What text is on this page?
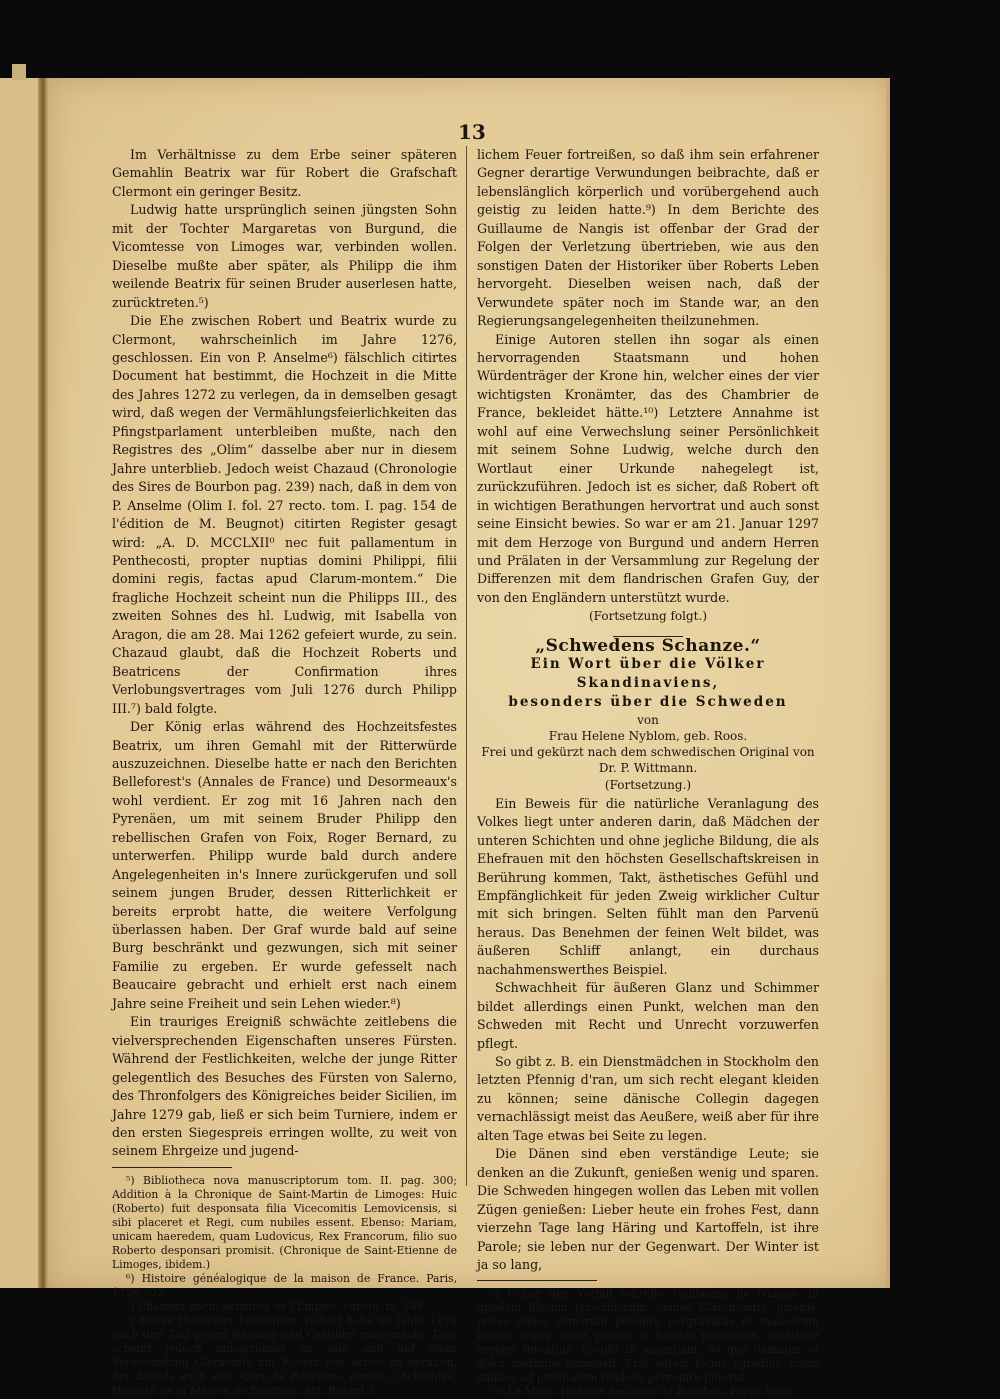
13

Im Verhältnisse zu dem Erbe seiner späteren Gemahlin Beatrix war für Robert die Grafschaft Clermont ein geringer Besitz.

Ludwig hatte ursprünglich seinen jüngsten Sohn mit der Tochter Margaretas von Burgund, die Vicomtesse von Limoges war, verbinden wollen. Dieselbe mußte aber später, als Philipp die ihm weilende Beatrix für seinen Bruder auserlesen hatte, zurücktreten.⁵)

Die Ehe zwischen Robert und Beatrix wurde zu Clermont, wahrscheinlich im Jahre 1276, geschlossen. Ein von P. Anselme⁶) fälschlich citirtes Document hat bestimmt, die Hochzeit in die Mitte des Jahres 1272 zu verlegen, da in demselben gesagt wird, daß wegen der Vermählungsfeierlichkeiten das Pfingstparlament unterbleiben mußte, nach den Registres des „Olim“ dasselbe aber nur in diesem Jahre unterblieb. Jedoch weist Chazaud (Chronologie des Sires de Bourbon pag. 239) nach, daß in dem von P. Anselme (Olim I. fol. 27 recto. tom. I. pag. 154 de l'édition de M. Beugnot) citirten Register gesagt wird: „A. D. MCCLXII⁰ nec fuit pallamentum in Penthecosti, propter nuptias domini Philippi, filii domini regis, factas apud Clarum-montem.“ Die fragliche Hochzeit scheint nun die Philipps III., des zweiten Sohnes des hl. Ludwig, mit Isabella von Aragon, die am 28. Mai 1262 gefeiert wurde, zu sein. Chazaud glaubt, daß die Hochzeit Roberts und Beatricens der Confirmation ihres Verlobungsvertrages vom Juli 1276 durch Philipp III.⁷) bald folgte.

Der König erlas während des Hochzeitsfestes Beatrix, um ihren Gemahl mit der Ritterwürde auszuzeichnen. Dieselbe hatte er nach den Berichten Belleforest's (Annales de France) und Desormeaux's wohl verdient. Er zog mit 16 Jahren nach den Pyrenäen, um mit seinem Bruder Philipp den rebellischen Grafen von Foix, Roger Bernard, zu unterwerfen. Philipp wurde bald durch andere Angelegenheiten in's Innere zurückgerufen und soll seinem jungen Bruder, dessen Ritterlichkeit er bereits erprobt hatte, die weitere Verfolgung überlassen haben. Der Graf wurde bald auf seine Burg beschränkt und gezwungen, sich mit seiner Familie zu ergeben. Er wurde gefesselt nach Beaucaire gebracht und erhielt erst nach einem Jahre seine Freiheit und sein Lehen wieder.⁸)

Ein trauriges Ereigniß schwächte zeitlebens die vielversprechenden Eigenschaften unseres Fürsten. Während der Festlichkeiten, welche der junge Ritter gelegentlich des Besuches des Fürsten von Salerno, des Thronfolgers des Königreiches beider Sicilien, im Jahre 1279 gab, ließ er sich beim Turniere, indem er den ersten Siegespreis erringen wollte, zu weit von seinem Ehrgeize und jugend-

⁵) Bibliotheca nova manuscriptorum tom. II. pag. 300; Addition à la Chronique de Saint-Martin de Limoges: Huic (Roberto) fuit desponsata filia Vicecomitis Lemovicensis, si sibi placeret et Regi, cum nubiles essent. Ebenso: Mariam, unicam haeredem, quam Ludovicus, Rex Francorum, filio suo Roberto desponsari promisit. (Chronique de Saint-Etienne de Limoges, ibidem.)

⁶) Histoire généalogique de la maison de France. Paris, 1726—33.

⁷) Chazaud nach: Archives de l'Empire. carton. m. 348.

⁸) Einige Historiker behaupten, Robert habe im Jahre 1276 auch den Zug gegen Navarra und Castilien mitgemacht. Dies scheint jedoch unbegründet zu sein und auf einer Verwechslung Clermonts mit Robert von Artois zu beruhen, der damals auch sich »Sire de Bourbon« nannte. (Achaintre, Histoire de la Maison de Bourbon. Art. Robert.)

lichem Feuer fortreißen, so daß ihm sein erfahrener Gegner derartige Verwundungen beibrachte, daß er lebenslänglich körperlich und vorübergehend auch geistig zu leiden hatte.⁹) In dem Berichte des Guillaume de Nangis ist offenbar der Grad der Folgen der Verletzung übertrieben, wie aus den sonstigen Daten der Historiker über Roberts Leben hervorgeht. Dieselben weisen nach, daß der Verwundete später noch im Stande war, an den Regierungsangelegenheiten theilzunehmen.

Einige Autoren stellen ihn sogar als einen hervorragenden Staatsmann und hohen Würdenträger der Krone hin, welcher eines der vier wichtigsten Kronämter, das des Chambrier de France, bekleidet hätte.¹⁰) Letztere Annahme ist wohl auf eine Verwechslung seiner Persönlichkeit mit seinem Sohne Ludwig, welche durch den Wortlaut einer Urkunde nahegelegt ist, zurückzuführen. Jedoch ist es sicher, daß Robert oft in wichtigen Berathungen hervortrat und auch sonst seine Einsicht bewies. So war er am 21. Januar 1297 mit dem Herzoge von Burgund und andern Herren und Prälaten in der Versammlung zur Regelung der Differenzen mit dem flandrischen Grafen Guy, der von den Engländern unterstützt wurde.

(Fortsetzung folgt.)

„Schwedens Schanze.“

Ein Wort über die Völker Skandinaviens,

besonders über die Schweden

von

Frau Helene Nyblom, geb. Roos.

Frei und gekürzt nach dem schwedischen Original von

Dr. P. Wittmann.

(Fortsetzung.)

Ein Beweis für die natürliche Veranlagung des Volkes liegt unter anderen darin, daß Mädchen der unteren Schichten und ohne jegliche Bildung, die als Ehefrauen mit den höchsten Gesellschaftskreisen in Berührung kommen, Takt, ästhetisches Gefühl und Empfänglichkeit für jeden Zweig wirklicher Cultur mit sich bringen. Selten fühlt man den Parvenü heraus. Das Benehmen der feinen Welt bildet, was äußeren Schliff anlangt, ein durchaus nachahmenswerthes Beispiel.

Schwachheit für äußeren Glanz und Schimmer bildet allerdings einen Punkt, welchen man den Schweden mit Recht und Unrecht vorzuwerfen pflegt.

So gibt z. B. ein Dienstmädchen in Stockholm den letzten Pfennig d'ran, um sich recht elegant kleiden zu können; seine dänische Collegin dagegen vernachlässigt meist das Aeußere, weiß aber für ihre alten Tage etwas bei Seite zu legen.

Die Dänen sind eben verständige Leute; sie denken an die Zukunft, genießen wenig und sparen. Die Schweden hingegen wollen das Leben mit vollen Zügen genießen: Lieber heute ein frohes Fest, dann vierzehn Tage lang Häring und Kartoffeln, ist ihre Parole; sie leben nur der Gegenwart. Der Winter ist ja so lang,

⁹) Ueber den Vorfall schreibt Guillaume de Nangis: In quodam illorum tyrociniorum, comes Claromontis, juvenis, novus miles, armorum pondere pergravatus et malleorum ictibus super caput pluries et fortiter percussus, vexatione cerebri intonitus, decidit in amentiam, de quo damnum et dolor maximus emanavit. Erat autem forma egregius, cujus animus ad probitatem tendens pervenire poterat.

¹⁰) La Mure, Histoire des ducs de Bourbon. Paris, 1860.
